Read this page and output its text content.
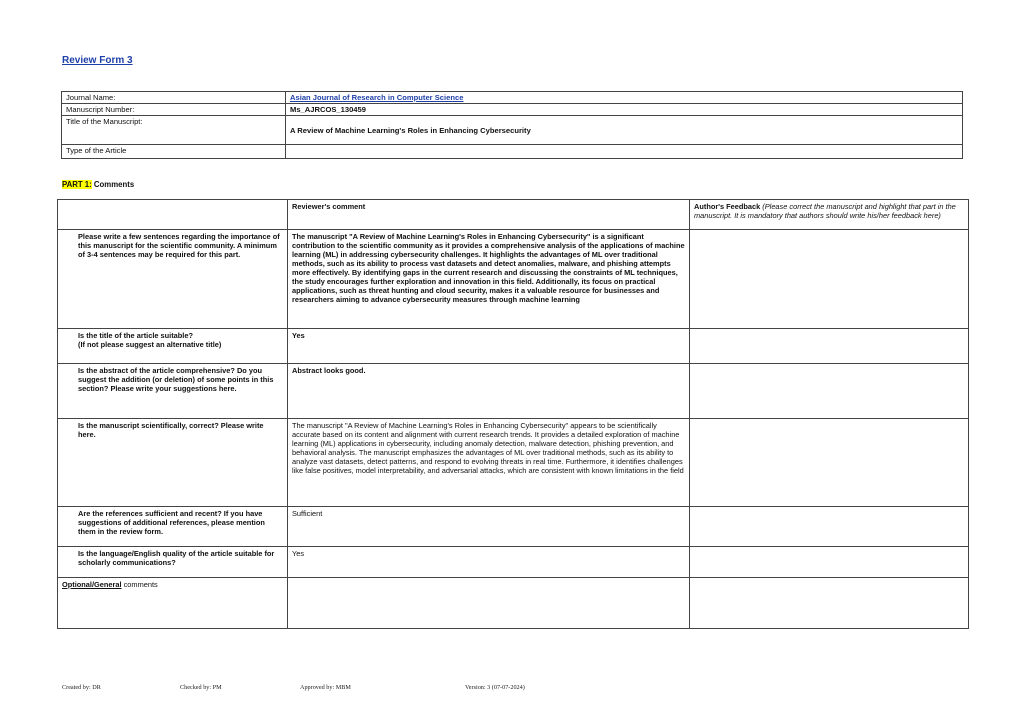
Review Form 3
Journal Name:	Asian Journal of Research in Computer Science
Manuscript Number:	Ms_AJRCOS_130459
Title of the Manuscript:	A Review of Machine Learning's Roles in Enhancing Cybersecurity
Type of the Article	
PART 1: Comments
	Reviewer's comment	Author's Feedback (Please correct the manuscript and highlight that part in the manuscript. It is mandatory that authors should write his/her feedback here)
Please write a few sentences regarding the importance of this manuscript for the scientific community. A minimum of 3-4 sentences may be required for this part.	The manuscript "A Review of Machine Learning's Roles in Enhancing Cybersecurity" is a significant contribution to the scientific community as it provides a comprehensive analysis of the applications of machine learning (ML) in addressing cybersecurity challenges. It highlights the advantages of ML over traditional methods, such as its ability to process vast datasets and detect anomalies, malware, and phishing attempts more effectively. By identifying gaps in the current research and discussing the constraints of ML techniques, the study encourages further exploration and innovation in this field. Additionally, its focus on practical applications, such as threat hunting and cloud security, makes it a valuable resource for businesses and researchers aiming to advance cybersecurity measures through machine learning	
Is the title of the article suitable?
(If not please suggest an alternative title)	Yes	
Is the abstract of the article comprehensive? Do you suggest the addition (or deletion) of some points in this section? Please write your suggestions here.	Abstract looks good.	
Is the manuscript scientifically, correct? Please write here.	The manuscript "A Review of Machine Learning's Roles in Enhancing Cybersecurity" appears to be scientifically accurate based on its content and alignment with current research trends. It provides a detailed exploration of machine learning (ML) applications in cybersecurity, including anomaly detection, malware detection, phishing prevention, and behavioral analysis. The manuscript emphasizes the advantages of ML over traditional methods, such as its ability to analyze vast datasets, detect patterns, and respond to evolving threats in real time. Furthermore, it identifies challenges like false positives, model interpretability, and adversarial attacks, which are consistent with known limitations in the field	
Are the references sufficient and recent? If you have suggestions of additional references, please mention them in the review form.	Sufficient	
Is the language/English quality of the article suitable for scholarly communications?	Yes	
Optional/General comments		
Created by: DR	Checked by: PM	Approved by: MBM	Version: 3 (07-07-2024)
